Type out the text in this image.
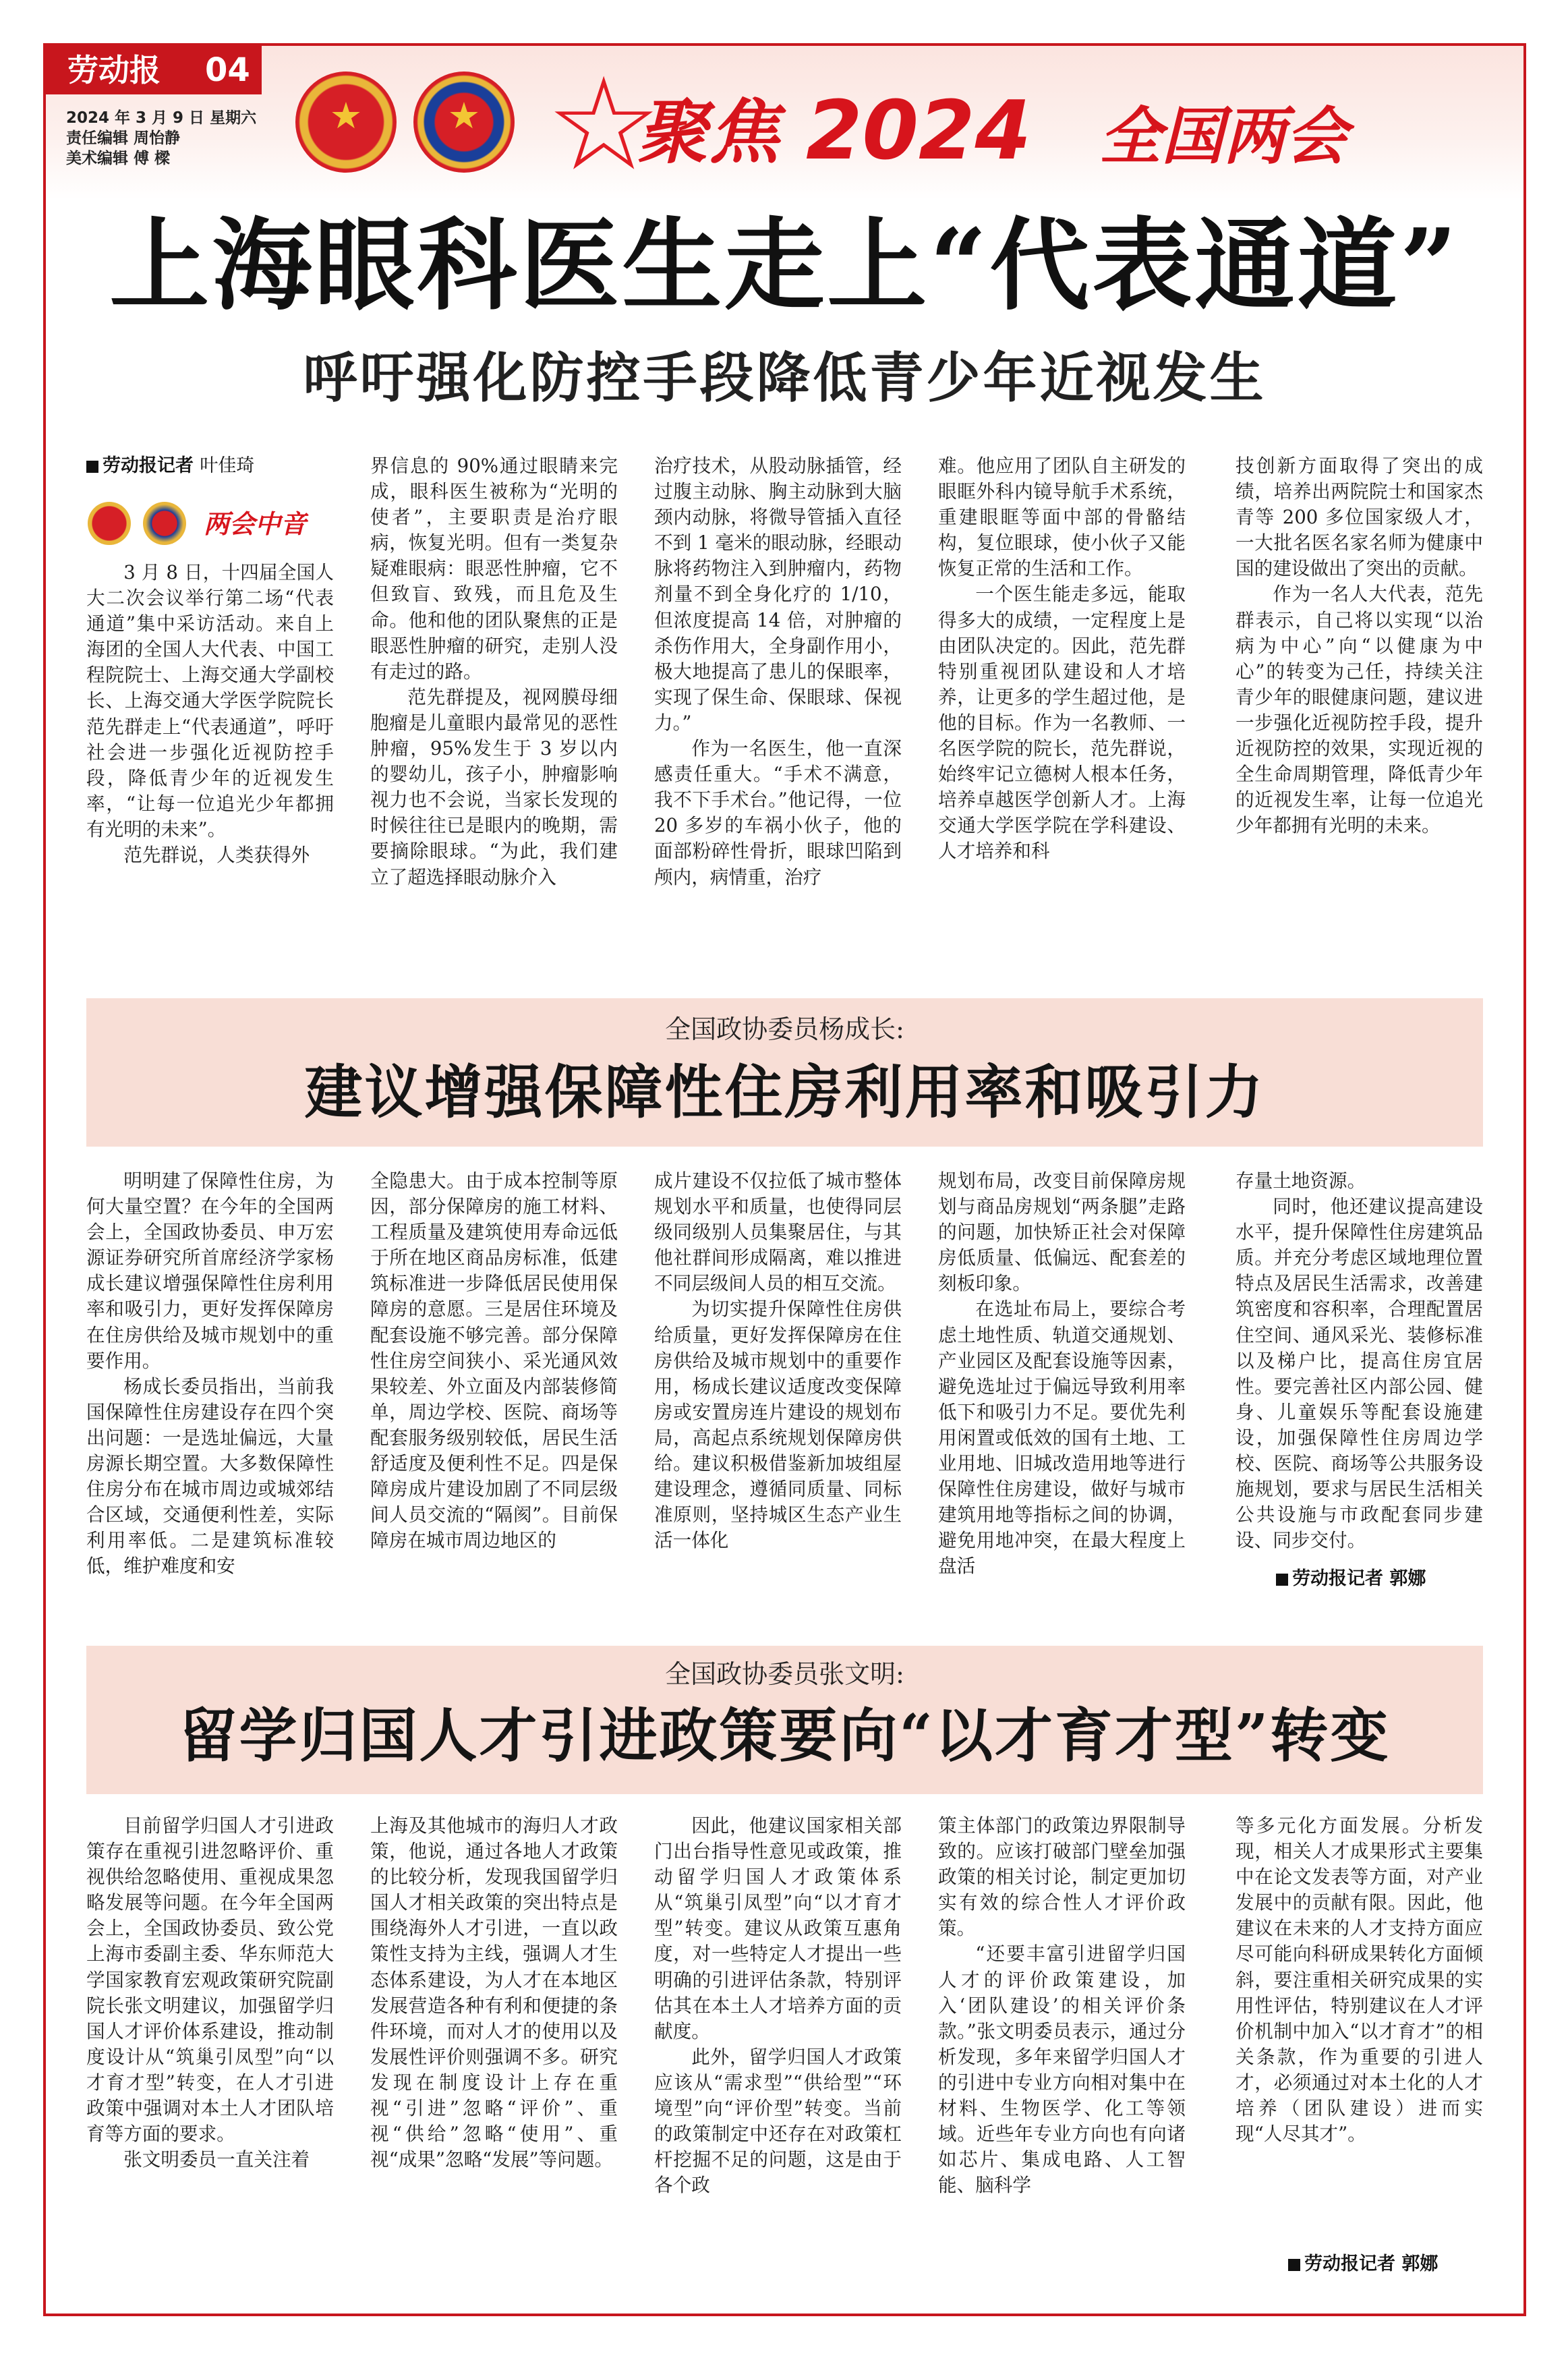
劳动报 04
2024 年 3 月 9 日 星期六
责任编辑 周怡静
美术编辑 傅 樑
★	★ ☆
聚焦 2024 全国两会
上海眼科医生走上“代表通道”
呼吁强化防控手段降低青少年近视发生
劳动报记者 叶佳琦
两会中音

3 月 8 日，十四届全国人大二次会议举行第二场“代表通道”集中采访活动。来自上海团的全国人大代表、中国工程院院士、上海交通大学副校长、上海交通大学医学院院长范先群走上“代表通道”，呼吁社会进一步强化近视防控手段，降低青少年的近视发生率，“让每一位追光少年都拥有光明的未来”。

范先群说，人类获得外

界信息的 90%通过眼睛来完成，眼科医生被称为“光明的使者”，主要职责是治疗眼病，恢复光明。但有一类复杂疑难眼病：眼恶性肿瘤，它不但致盲、致残，而且危及生命。他和他的团队聚焦的正是眼恶性肿瘤的研究，走别人没有走过的路。

范先群提及，视网膜母细胞瘤是儿童眼内最常见的恶性肿瘤，95%发生于 3 岁以内的婴幼儿，孩子小，肿瘤影响视力也不会说，当家长发现的时候往往已是眼内的晚期，需要摘除眼球。“为此，我们建立了超选择眼动脉介入

治疗技术，从股动脉插管，经过腹主动脉、胸主动脉到大脑颈内动脉，将微导管插入直径不到 1 毫米的眼动脉，经眼动脉将药物注入到肿瘤内，药物剂量不到全身化疗的 1/10，但浓度提高 14 倍，对肿瘤的杀伤作用大，全身副作用小，极大地提高了患儿的保眼率，实现了保生命、保眼球、保视力。”

作为一名医生，他一直深感责任重大。“手术不满意，我不下手术台。”他记得，一位 20 多岁的车祸小伙子，他的面部粉碎性骨折，眼球凹陷到颅内，病情重，治疗

难。他应用了团队自主研发的眼眶外科内镜导航手术系统，重建眼眶等面中部的骨骼结构，复位眼球，使小伙子又能恢复正常的生活和工作。

一个医生能走多远，能取得多大的成绩，一定程度上是由团队决定的。因此，范先群特别重视团队建设和人才培养，让更多的学生超过他，是他的目标。作为一名教师、一名医学院的院长，范先群说，始终牢记立德树人根本任务，培养卓越医学创新人才。上海交通大学医学院在学科建设、人才培养和科

技创新方面取得了突出的成绩，培养出两院院士和国家杰青等 200 多位国家级人才，一大批名医名家名师为健康中国的建设做出了突出的贡献。

作为一名人大代表，范先群表示，自己将以实现“以治病为中心”向“以健康为中心”的转变为己任，持续关注青少年的眼健康问题，建议进一步强化近视防控手段，提升近视防控的效果，实现近视的全生命周期管理，降低青少年的近视发生率，让每一位追光少年都拥有光明的未来。

全国政协委员杨成长:
建议增强保障性住房利用率和吸引力

明明建了保障性住房，为何大量空置？在今年的全国两会上，全国政协委员、申万宏源证券研究所首席经济学家杨成长建议增强保障性住房利用率和吸引力，更好发挥保障房在住房供给及城市规划中的重要作用。

杨成长委员指出，当前我国保障性住房建设存在四个突出问题：一是选址偏远，大量房源长期空置。大多数保障性住房分布在城市周边或城郊结合区域，交通便利性差，实际利用率低。二是建筑标准较低，维护难度和安

全隐患大。由于成本控制等原因，部分保障房的施工材料、工程质量及建筑使用寿命远低于所在地区商品房标准，低建筑标准进一步降低居民使用保障房的意愿。三是居住环境及配套设施不够完善。部分保障性住房空间狭小、采光通风效果较差、外立面及内部装修简单，周边学校、医院、商场等配套服务级别较低，居民生活舒适度及便利性不足。四是保障房成片建设加剧了不同层级间人员交流的“隔阂”。目前保障房在城市周边地区的

成片建设不仅拉低了城市整体规划水平和质量，也使得同层级同级别人员集聚居住，与其他社群间形成隔离，难以推进不同层级间人员的相互交流。

为切实提升保障性住房供给质量，更好发挥保障房在住房供给及城市规划中的重要作用，杨成长建议适度改变保障房或安置房连片建设的规划布局，高起点系统规划保障房供给。建议积极借鉴新加坡组屋建设理念，遵循同质量、同标准原则，坚持城区生态产业生活一体化

规划布局，改变目前保障房规划与商品房规划“两条腿”走路的问题，加快矫正社会对保障房低质量、低偏远、配套差的刻板印象。

在选址布局上，要综合考虑土地性质、轨道交通规划、产业园区及配套设施等因素，避免选址过于偏远导致利用率低下和吸引力不足。要优先利用闲置或低效的国有土地、工业用地、旧城改造用地等进行保障性住房建设，做好与城市建筑用地等指标之间的协调，避免用地冲突，在最大程度上盘活

存量土地资源。

同时，他还建议提高建设水平，提升保障性住房建筑品质。并充分考虑区域地理位置特点及居民生活需求，改善建筑密度和容积率，合理配置居住空间、通风采光、装修标准以及梯户比，提高住房宜居性。要完善社区内部公园、健身、儿童娱乐等配套设施建设，加强保障性住房周边学校、医院、商场等公共服务设施规划，要求与居民生活相关公共设施与市政配套同步建设、同步交付。

劳动报记者 郭娜
全国政协委员张文明:
留学归国人才引进政策要向“以才育才型”转变

目前留学归国人才引进政策存在重视引进忽略评价、重视供给忽略使用、重视成果忽略发展等问题。在今年全国两会上，全国政协委员、致公党上海市委副主委、华东师范大学国家教育宏观政策研究院副院长张文明建议，加强留学归国人才评价体系建设，推动制度设计从“筑巢引凤型”向“以才育才型”转变，在人才引进政策中强调对本土人才团队培育等方面的要求。

张文明委员一直关注着

上海及其他城市的海归人才政策，他说，通过各地人才政策的比较分析，发现我国留学归国人才相关政策的突出特点是围绕海外人才引进，一直以政策性支持为主线，强调人才生态体系建设，为人才在本地区发展营造各种有利和便捷的条件环境，而对人才的使用以及发展性评价则强调不多。研究发现在制度设计上存在重视“引进”忽略“评价”、重视“供给”忽略“使用”、重视“成果”忽略“发展”等问题。

因此，他建议国家相关部门出台指导性意见或政策，推动留学归国人才政策体系从“筑巢引凤型”向“以才育才型”转变。建议从政策互惠角度，对一些特定人才提出一些明确的引进评估条款，特别评估其在本土人才培养方面的贡献度。

此外，留学归国人才政策应该从“需求型”“供给型”“环境型”向“评价型”转变。当前的政策制定中还存在对政策杠杆挖掘不足的问题，这是由于各个政

策主体部门的政策边界限制导致的。应该打破部门壁垒加强政策的相关讨论，制定更加切实有效的综合性人才评价政策。

“还要丰富引进留学归国人才的评价政策建设，加入‘团队建设’的相关评价条款。”张文明委员表示，通过分析发现，多年来留学归国人才的引进中专业方向相对集中在材料、生物医学、化工等领域。近些年专业方向也有向诸如芯片、集成电路、人工智能、脑科学

等多元化方面发展。分析发现，相关人才成果形式主要集中在论文发表等方面，对产业发展中的贡献有限。因此，他建议在未来的人才支持方面应尽可能向科研成果转化方面倾斜，要注重相关研究成果的实用性评估，特别建议在人才评价机制中加入“以才育才”的相关条款，作为重要的引进人才，必须通过对本土化的人才培养（团队建设）进而实现“人尽其才”。

劳动报记者 郭娜
